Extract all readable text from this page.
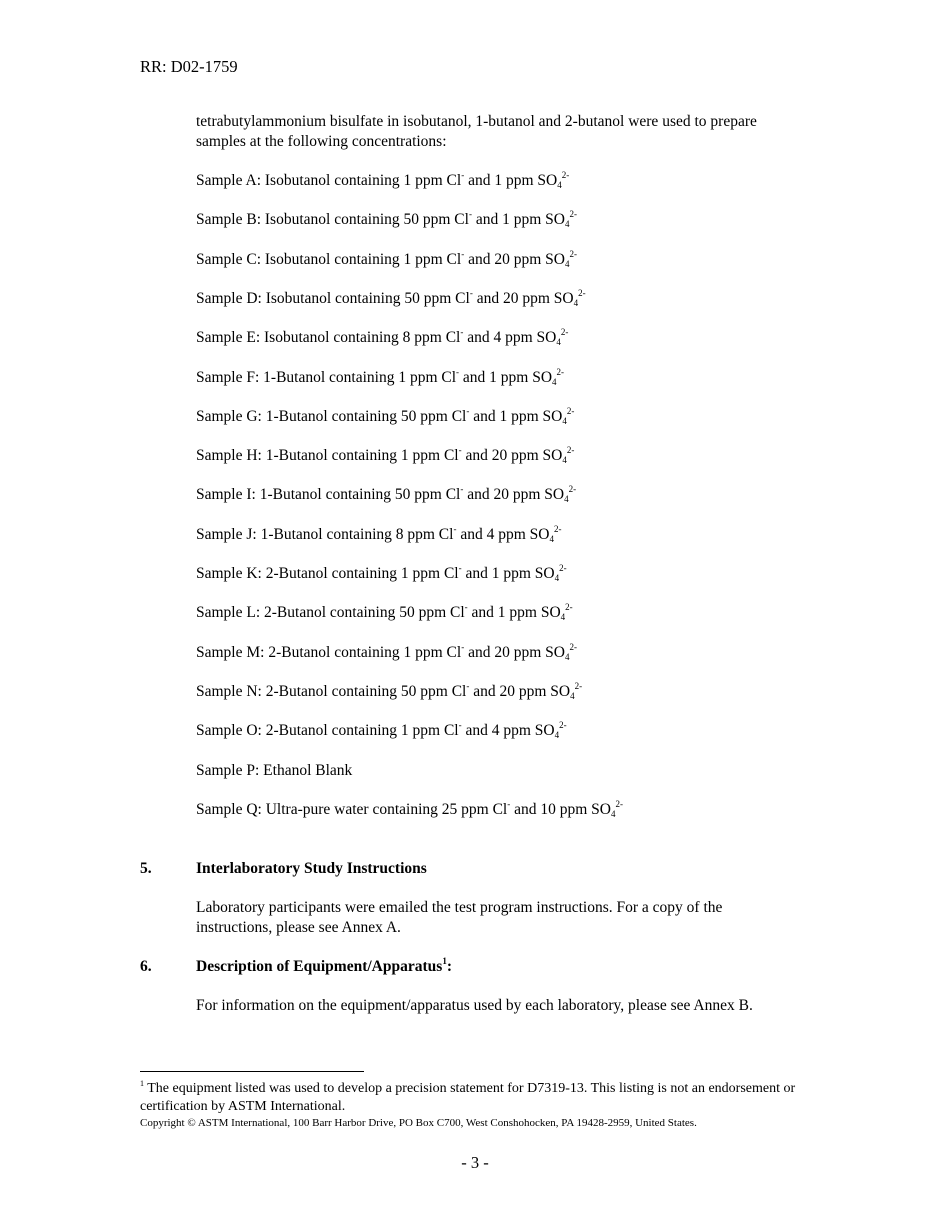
RR: D02-1759
tetrabutylammonium bisulfate in isobutanol, 1-butanol and 2-butanol were used to prepare samples at the following concentrations:
Sample A: Isobutanol containing 1 ppm Cl- and 1 ppm $SO_4^{2-}$
Sample B: Isobutanol containing 50 ppm Cl- and 1 ppm $SO_4^{2-}$
Sample C: Isobutanol containing 1 ppm Cl- and 20 ppm $SO_4^{2-}$
Sample D: Isobutanol containing 50 ppm Cl- and 20 ppm $SO_4^{2-}$
Sample E: Isobutanol containing 8 ppm Cl- and 4 ppm $SO_4^{2-}$
Sample F: 1-Butanol containing 1 ppm Cl- and 1 ppm $SO_4^{2-}$
Sample G: 1-Butanol containing 50 ppm Cl- and 1 ppm $SO_4^{2-}$
Sample H: 1-Butanol containing 1 ppm Cl- and 20 ppm $SO_4^{2-}$
Sample I: 1-Butanol containing 50 ppm Cl- and 20 ppm $SO_4^{2-}$
Sample J: 1-Butanol containing 8 ppm Cl- and 4 ppm $SO_4^{2-}$
Sample K: 2-Butanol containing 1 ppm Cl- and 1 ppm $SO_4^{2-}$
Sample L: 2-Butanol containing 50 ppm Cl- and 1 ppm $SO_4^{2-}$
Sample M: 2-Butanol containing 1 ppm Cl- and 20 ppm $SO_4^{2-}$
Sample N: 2-Butanol containing 50 ppm Cl- and 20 ppm $SO_4^{2-}$
Sample O: 2-Butanol containing 1 ppm Cl- and 4 ppm $SO_4^{2-}$
Sample P: Ethanol Blank
Sample Q: Ultra-pure water containing 25 ppm Cl- and 10 ppm $SO_4^{2-}$
5.	Interlaboratory Study Instructions
Laboratory participants were emailed the test program instructions. For a copy of the instructions, please see Annex A.
6.	Description of Equipment/Apparatus$^1$:
For information on the equipment/apparatus used by each laboratory, please see Annex B.
$^1$ The equipment listed was used to develop a precision statement for D7319-13. This listing is not an endorsement or certification by ASTM International.
Copyright © ASTM International, 100 Barr Harbor Drive, PO Box C700, West Conshohocken, PA 19428-2959, United States.
- 3 -
